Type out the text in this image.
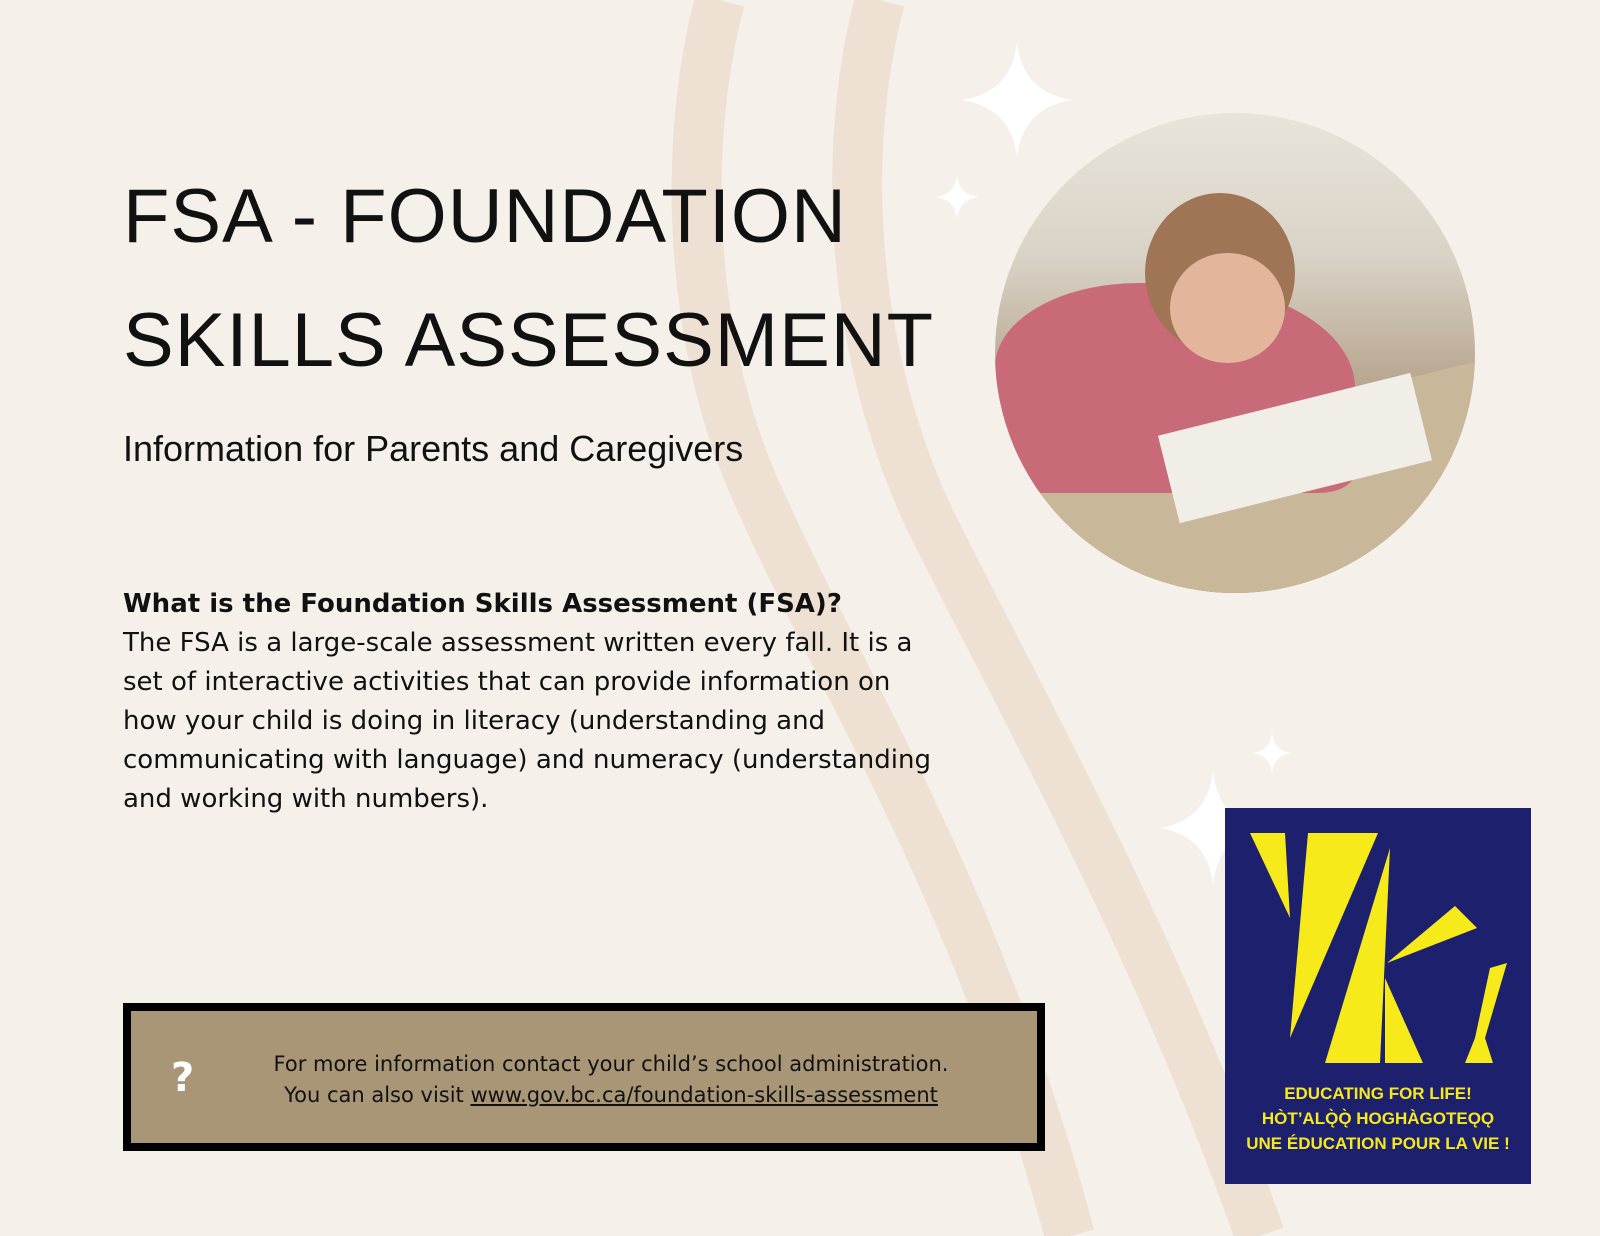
FSA - FOUNDATION
SKILLS ASSESSMENT
Information for Parents and Caregivers
What is the Foundation Skills Assessment (FSA)?

The FSA is a large-scale assessment written every fall. It is a set of interactive activities that can provide information on how your child is doing in literacy (understanding and communicating with language) and numeracy (understanding and working with numbers).

?	For more information contact your child’s school administration.
You can also visit www.gov.bc.ca/foundation-skills-assessment	EDUCATING FOR LIFE!
HÒT’ALǪ̀Ǫ̀ HOGHÀGOTEǪǪ
UNE ÉDUCATION POUR LA VIE !
